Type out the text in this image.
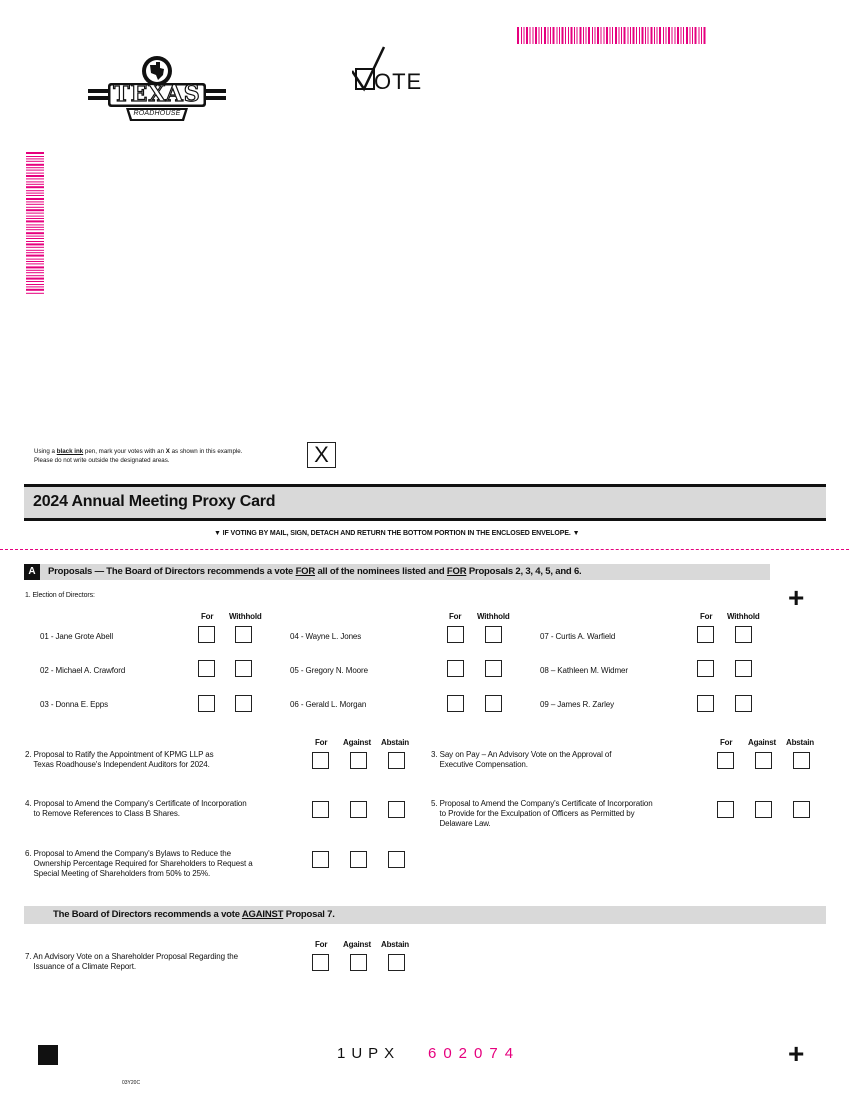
TEXAS
ROADHOUSE
OTE
Using a black ink pen, mark your votes with an X as shown in this example.
Please do not write outside the designated areas.	X
2024 Annual Meeting Proxy Card
▼ IF VOTING BY MAIL, SIGN, DETACH AND RETURN THE BOTTOM PORTION IN THE ENCLOSED ENVELOPE. ▼
A	Proposals — The Board of Directors recommends a vote FOR all of the nominees listed and FOR Proposals 2, 3, 4, 5, and 6.
+
1. Election of Directors:
For Withhold	For Withhold	For Withhold
01 - Jane Grote Abell	04 - Wayne L. Jones	07 - Curtis A. Warfield
02 - Michael A. Crawford	05 - Gregory N. Moore	08 – Kathleen M. Widmer
03 - Donna E. Epps	06 - Gerald L. Morgan	09 – James R. Zarley
For Against Abstain
2. Proposal to Ratify the Appointment of KPMG LLP as
Texas Roadhouse's Independent Auditors for 2024.
For Against Abstain
3. Say on Pay – An Advisory Vote on the Approval of
Executive Compensation.
4. Proposal to Amend the Company's Certificate of Incorporation
to Remove References to Class B Shares.
5. Proposal to Amend the Company's Certificate of Incorporation
to Provide for the Exculpation of Officers as Permitted by
Delaware Law.
6. Proposal to Amend the Company's Bylaws to Reduce the
Ownership Percentage Required for Shareholders to Request a
Special Meeting of Shareholders from 50% to 25%.
The Board of Directors recommends a vote AGAINST Proposal 7.
For Against Abstain
7. An Advisory Vote on a Shareholder Proposal Regarding the
Issuance of a Climate Report.
1UPX 602074	+
03Y20C
